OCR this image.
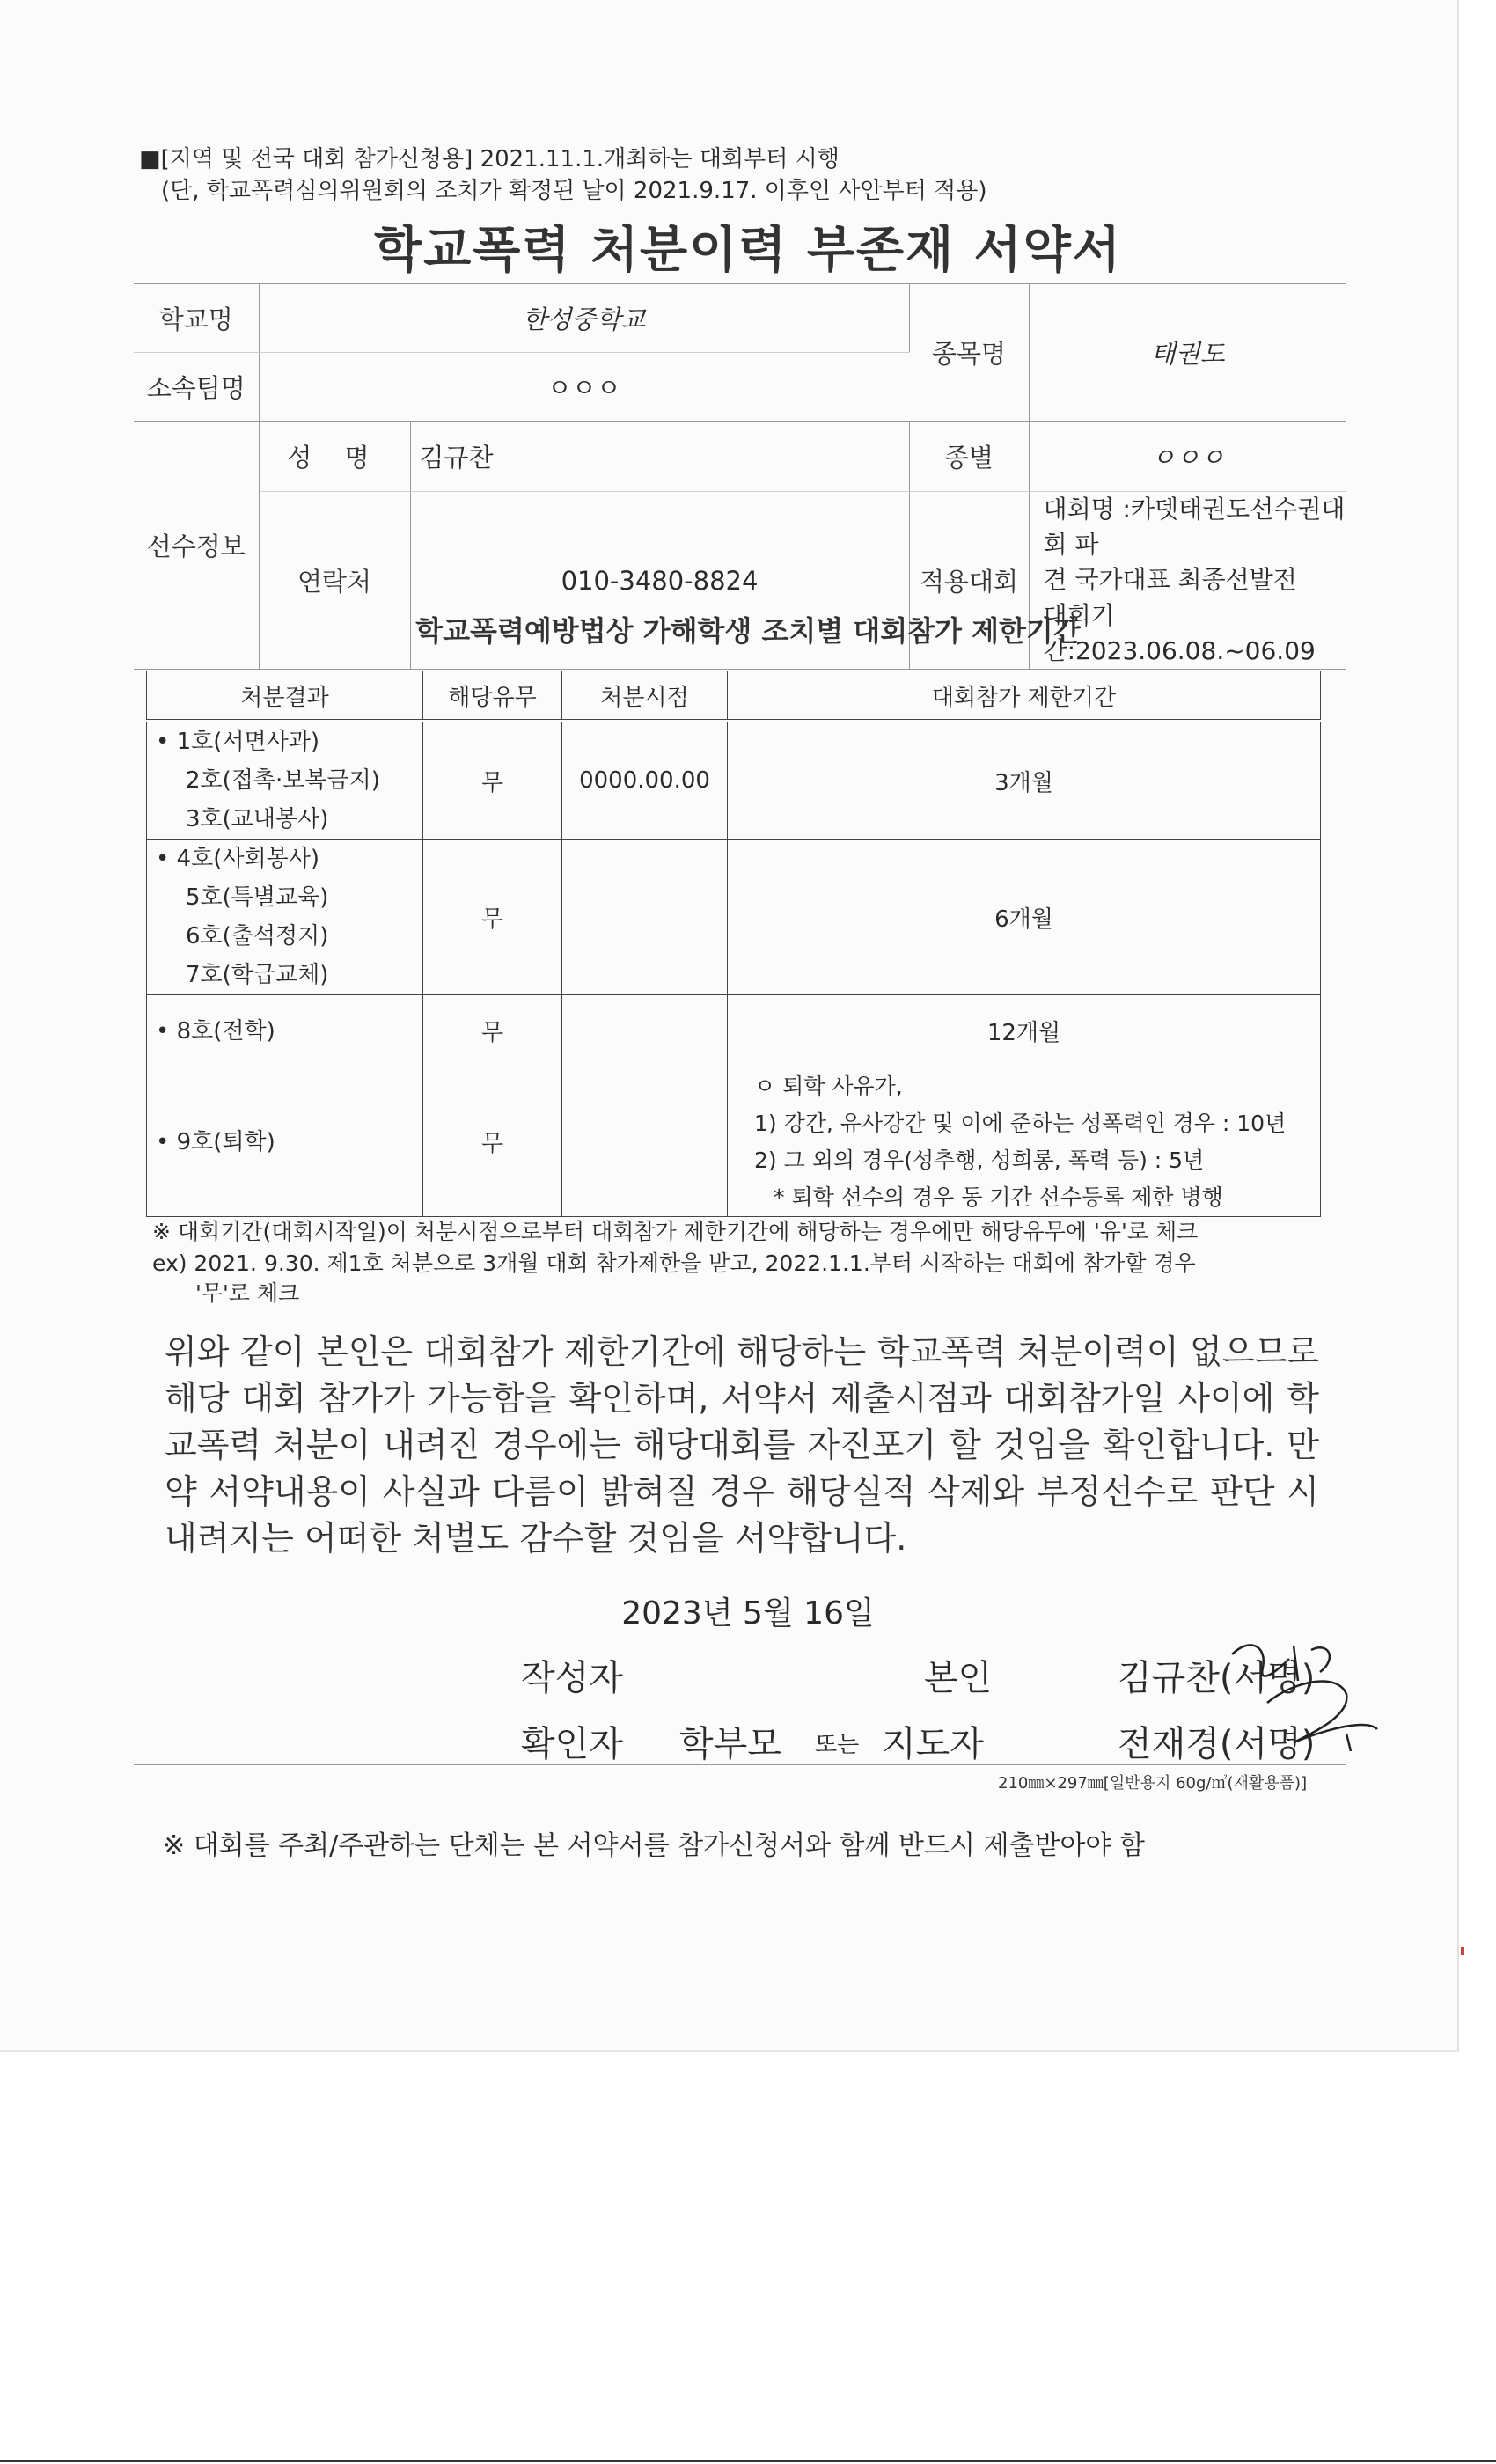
■[지역 및 전국 대회 참가신청용] 2021.11.1.개최하는 대회부터 시행
(단, 학교폭력심의위원회의 조치가 확정된 날이 2021.9.17. 이후인 사안부터 적용)
학교폭력 처분이력 부존재 서약서
학교명	한성중학교		종목명	태권도
소속팀명	ㅇㅇㅇ			
선수정보	성 명	김규찬	종별	ㅇㅇㅇ
	연락처	010-3480-8824	적용대회	대회명 :카뎃태권도선수권대회 파
견 국가대표 최종선발전
대회기간:2023.06.08.~06.09
학교폭력예방법상 가해학생 조치별 대회참가 제한기간
처분결과	해당유무	처분시점	대회참가 제한기간

• 1호(서면사과)
2호(접촉·보복금지)
3호(교내봉사)	무	0000.00.00	3개월

• 4호(사회봉사)
5호(특별교육)
6호(출석정지)
7호(학급교체)	무		6개월

• 8호(전학)	무		12개월

• 9호(퇴학)	무		ㅇ 퇴학 사유가,
1) 강간, 유사강간 및 이에 준하는 성폭력인 경우 : 10년
2) 그 외의 경우(성추행, 성희롱, 폭력 등) : 5년
* 퇴학 선수의 경우 동 기간 선수등록 제한 병행
※ 대회기간(대회시작일)이 처분시점으로부터 대회참가 제한기간에 해당하는 경우에만 해당유무에 '유'로 체크
ex) 2021. 9.30. 제1호 처분으로 3개월 대회 참가제한을 받고, 2022.1.1.부터 시작하는 대회에 참가할 경우
'무'로 체크
위와 같이 본인은 대회참가 제한기간에 해당하는 학교폭력 처분이력이 없으므로 해당 대회 참가가 가능함을 확인하며, 서약서 제출시점과 대회참가일 사이에 학교폭력 처분이 내려진 경우에는 해당대회를 자진포기 할 것임을 확인합니다. 만약 서약내용이 사실과 다름이 밝혀질 경우 해당실적 삭제와 부정선수로 판단 시 내려지는 어떠한 처벌도 감수할 것임을 서약합니다.
2023년 5월 16일
작성자	본인	김규찬(서명)
확인자 학부모 또는 지도자	전재경(서명)
210㎜×297㎜[일반용지 60g/㎡(재활용품)]
※ 대회를 주최/주관하는 단체는 본 서약서를 참가신청서와 함께 반드시 제출받아야 함
